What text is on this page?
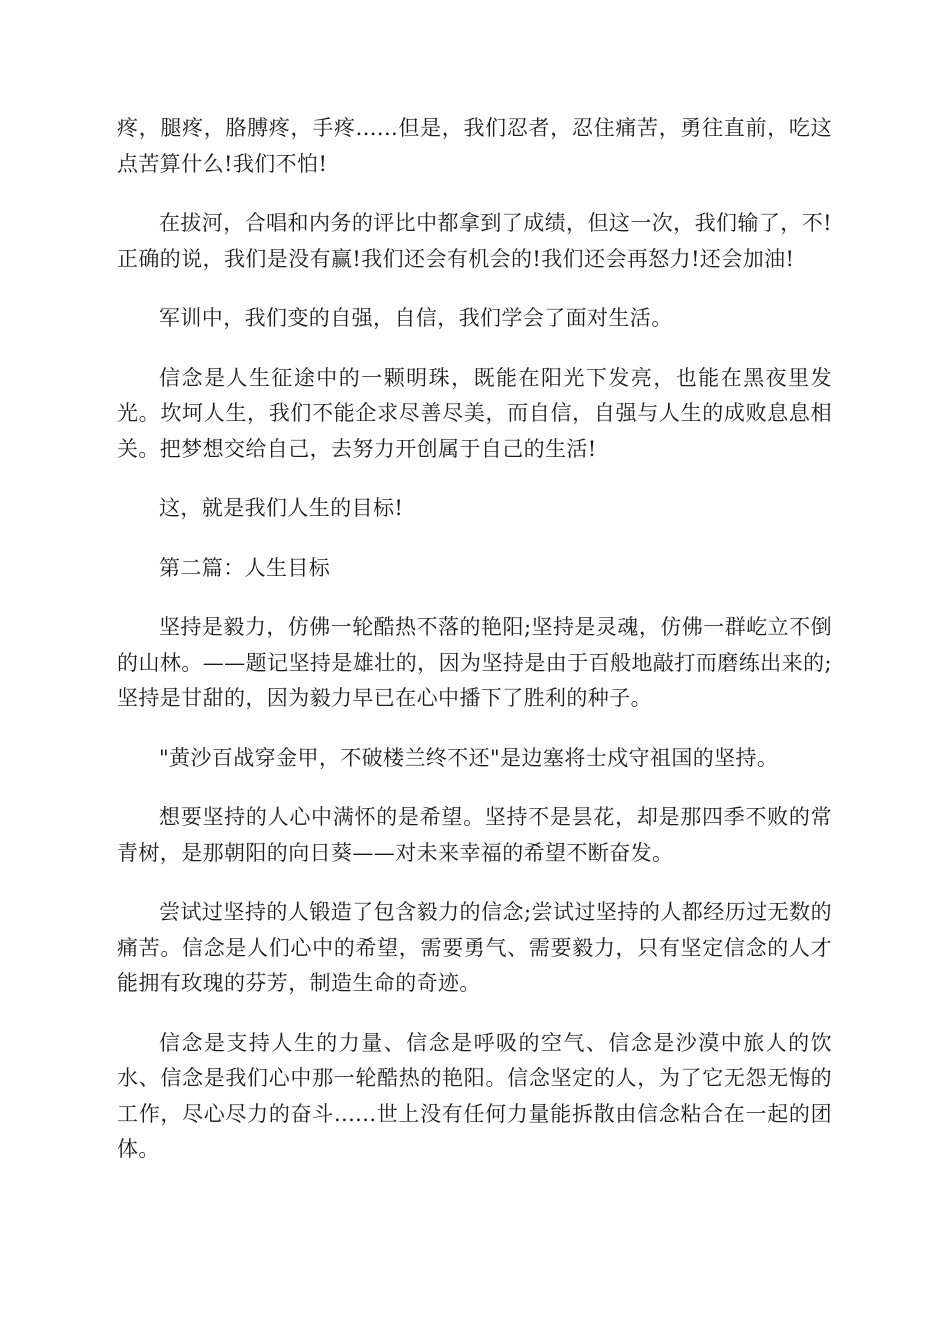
疼，腿疼，胳膊疼，手疼......但是，我们忍者，忍住痛苦，勇往直前，吃这点苦算什么!我们不怕!

在拔河，合唱和内务的评比中都拿到了成绩，但这一次，我们输了，不!正确的说，我们是没有赢!我们还会有机会的!我们还会再怒力!还会加油!

军训中，我们变的自强，自信，我们学会了面对生活。

信念是人生征途中的一颗明珠，既能在阳光下发亮，也能在黑夜里发光。坎坷人生，我们不能企求尽善尽美，而自信，自强与人生的成败息息相关。把梦想交给自己，去努力开创属于自己的生活!

这，就是我们人生的目标!

第二篇：人生目标

坚持是毅力，仿佛一轮酷热不落的艳阳;坚持是灵魂，仿佛一群屹立不倒的山林。——题记坚持是雄壮的，因为坚持是由于百般地敲打而磨练出来的;坚持是甘甜的，因为毅力早已在心中播下了胜利的种子。

"黄沙百战穿金甲，不破楼兰终不还"是边塞将士戍守祖国的坚持。

想要坚持的人心中满怀的是希望。坚持不是昙花，却是那四季不败的常青树，是那朝阳的向日葵——对未来幸福的希望不断奋发。

尝试过坚持的人锻造了包含毅力的信念;尝试过坚持的人都经历过无数的痛苦。信念是人们心中的希望，需要勇气、需要毅力，只有坚定信念的人才能拥有玫瑰的芬芳，制造生命的奇迹。

信念是支持人生的力量、信念是呼吸的空气、信念是沙漠中旅人的饮水、信念是我们心中那一轮酷热的艳阳。信念坚定的人，为了它无怨无悔的工作，尽心尽力的奋斗......世上没有任何力量能拆散由信念粘合在一起的团体。
